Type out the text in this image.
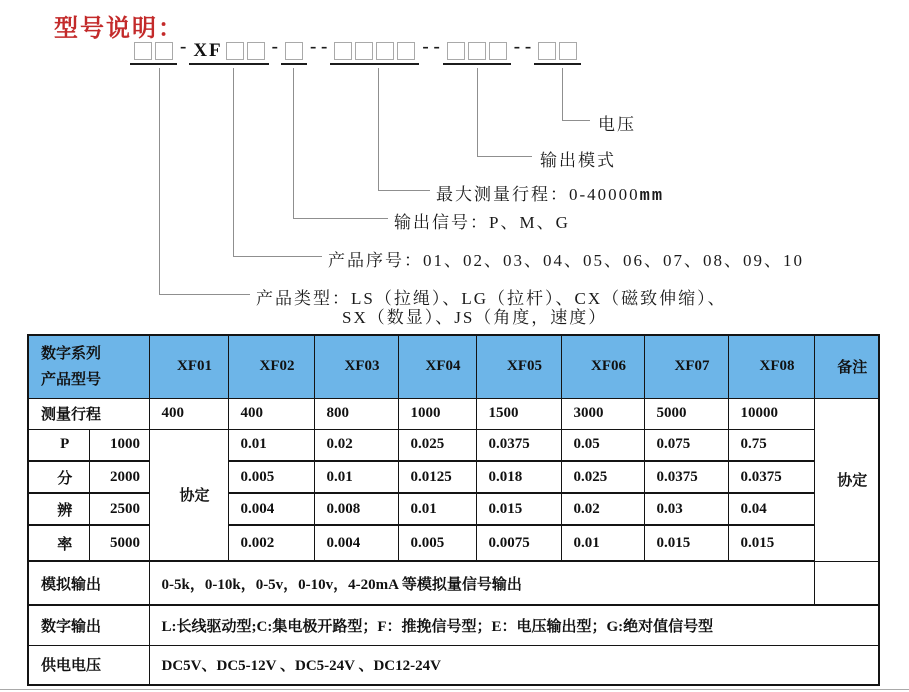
型号说明：
- XF	- - -	- -	- -
电压
输出模式
最大测量行程：0-40000mm
输出信号：P、M、G
产品序号：01、02、03、04、05、06、07、08、09、10
产品类型：LS（拉绳）、LG（拉杆）、CX（磁致伸缩）、
SX（数显）、JS（角度，速度）
数字系列
产品型号		XF01	XF02	XF03	XF04	XF05	XF06	XF07	XF08	备注
测量行程		400	400	800	1000	1500	3000	5000	10000	协定
P	1000	协定	0.01	0.02	0.025	0.0375	0.05	0.075	0.75	
分	2000		0.005	0.01	0.0125	0.018	0.025	0.0375	0.0375	
辨	2500		0.004	0.008	0.01	0.015	0.02	0.03	0.04	
率	5000		0.002	0.004	0.005	0.0075	0.01	0.015	0.015	
模拟输出		0-5k，0-10k，0-5v，0-10v，4-20mA 等模拟量信号输出								
数字输出		L:长线驱动型;C:集电极开路型；F：推挽信号型；E：电压输出型；G:绝对值信号型								
供电电压		DC5V、DC5-12V 、DC5-24V 、DC12-24V								
